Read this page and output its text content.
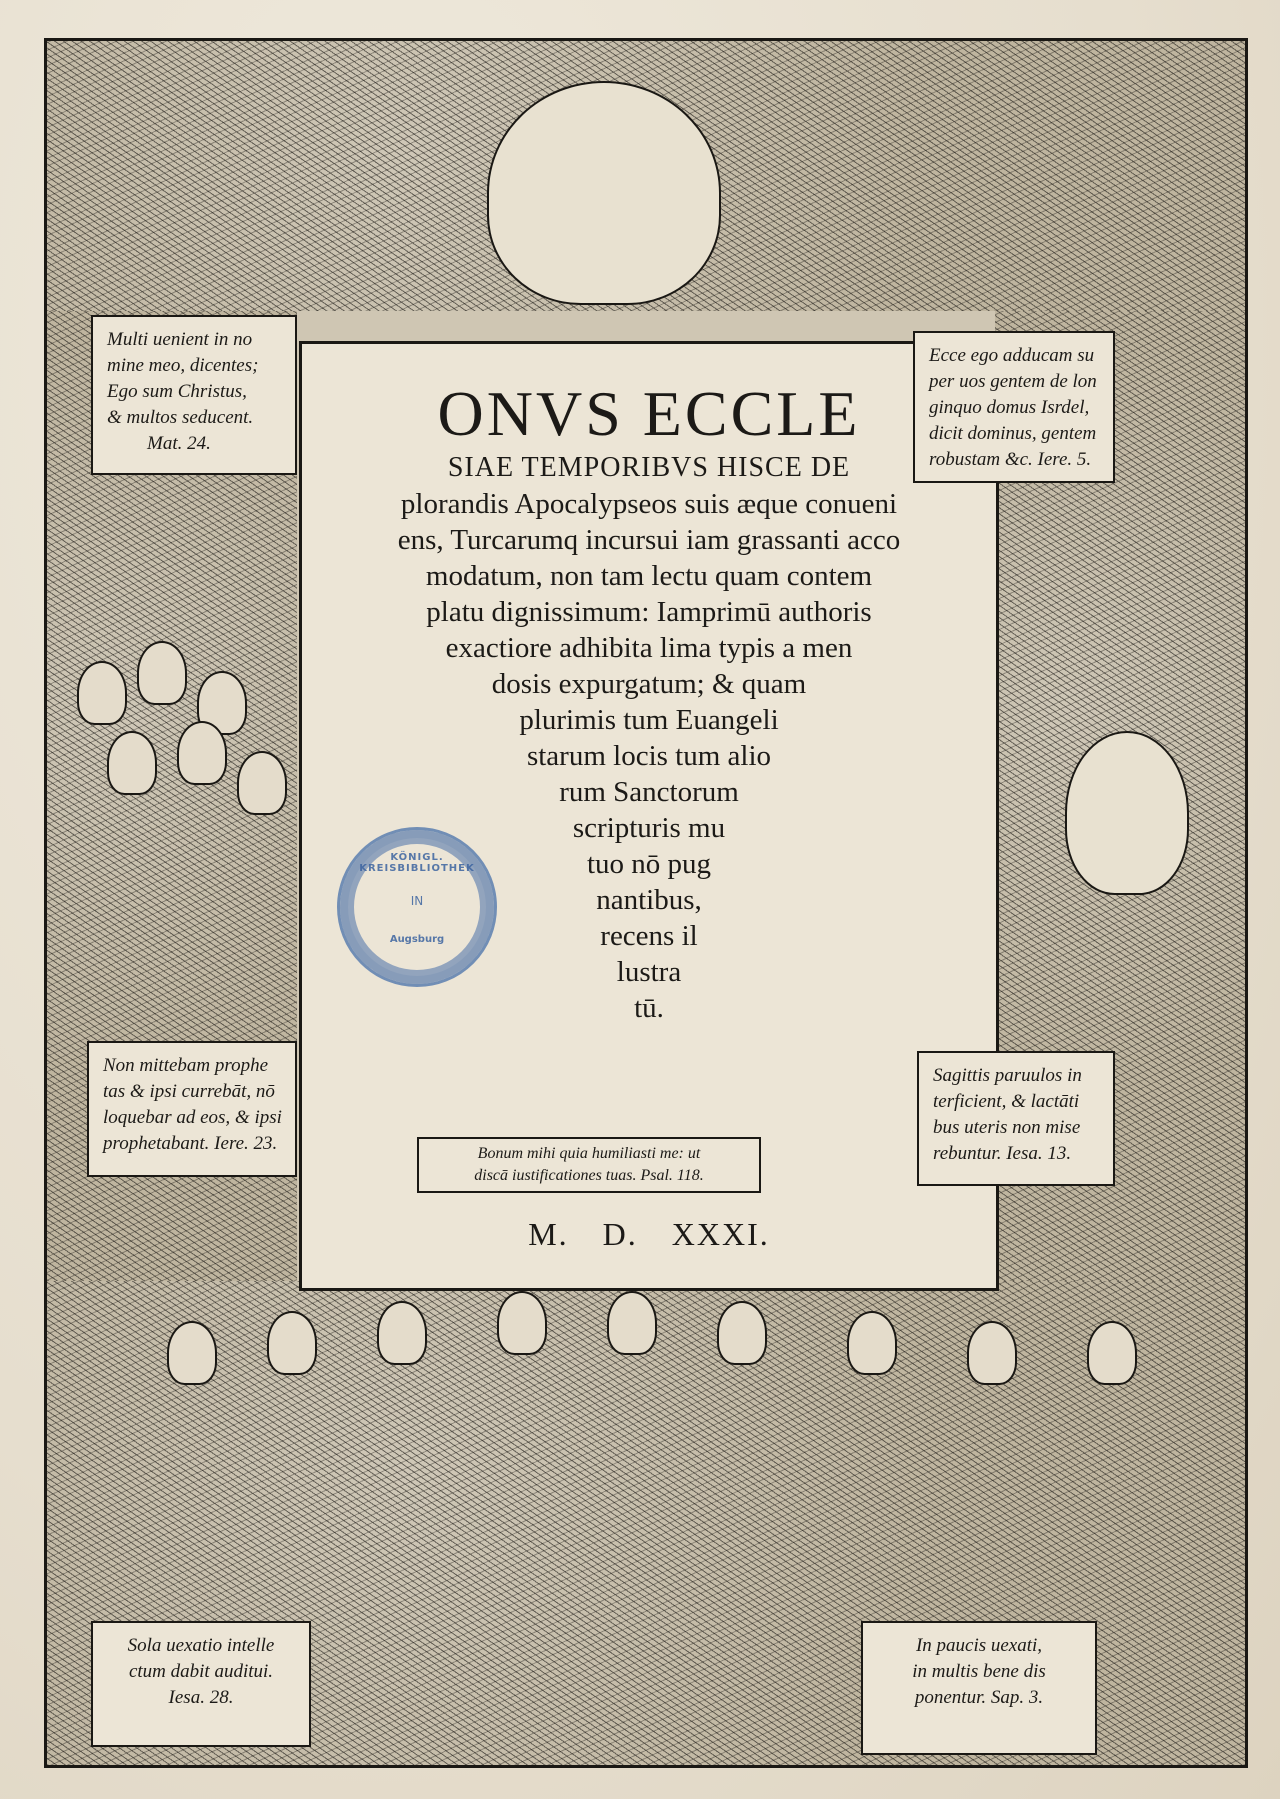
ONVS ECCLE

SIAE TEMPORIBVS HISCE DE

plorandis Apocalypseos suis æque conueni

ens, Turcarumq incursui iam grassanti acco

modatum, non tam lectu quam contem

platu dignissimum: Iamprimū authoris

exactiore adhibita lima typis a men

dosis expurgatum; & quam

plurimis tum Euangeli

starum locis tum alio

rum Sanctorum

scripturis mu

tuo nō pug

nantibus,

recens il

lustra

tū.

M. D. XXXI.
KÖNIGL. KREISBIBLIOTHEK
IN
Augsburg

Multi uenient in no

mine meo, dicentes;

Ego sum Christus,

& multos seducent.

Mat. 24.

Ecce ego adducam su

per uos gentem de lon

ginquo domus Isrdel,

dicit dominus, gentem

robustam &c. Iere. 5.

Non mittebam prophe

tas & ipsi currebāt, nō

loquebar ad eos, & ipsi

prophetabant. Iere. 23.

Sagittis paruulos in

terficient, & lactāti

bus uteris non mise

rebuntur. Iesa. 13.

Bonum mihi quia humiliasti me: ut

discā iustificationes tuas. Psal. 118.

Sola uexatio intelle

ctum dabit auditui.

Iesa. 28.

In paucis uexati,

in multis bene dis

ponentur. Sap. 3.
